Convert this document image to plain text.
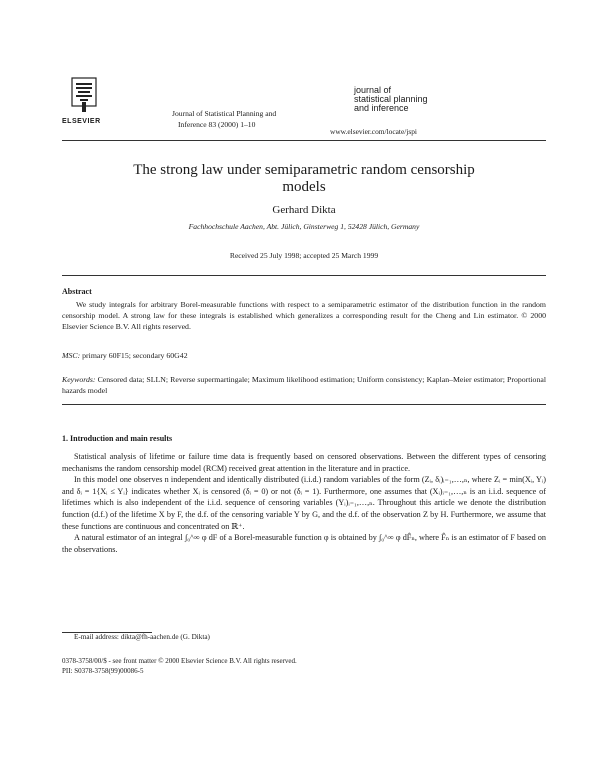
ELSEVIER
Journal of Statistical Planning and
Inference 83 (2000) 1–10
journal of
statistical planning
and inference
www.elsevier.com/locate/jspi
The strong law under semiparametric random censorship
models
Gerhard Dikta
Fachhochschule Aachen, Abt. Jülich, Ginsterweg 1, 52428 Jülich, Germany
Received 25 July 1998; accepted 25 March 1999
Abstract

We study integrals for arbitrary Borel-measurable functions with respect to a semiparametric estimator of the distribution function in the random censorship model. A strong law for these integrals is established which generalizes a corresponding result for the Cheng and Lin estimator. © 2000 Elsevier Science B.V. All rights reserved.

MSC: primary 60F15; secondary 60G42

Keywords: Censored data; SLLN; Reverse supermartingale; Maximum likelihood estimation; Uniform consistency; Kaplan–Meier estimator; Proportional hazards model

1. Introduction and main results

Statistical analysis of lifetime or failure time data is frequently based on censored observations. Between the different types of censoring mechanisms the random censorship model (RCM) received great attention in the literature and in practice.

In this model one observes n independent and identically distributed (i.i.d.) random variables of the form (Zᵢ, δᵢ)ᵢ₌₁,…,ₙ, where Zᵢ = min(Xᵢ, Yᵢ) and δᵢ = 1{Xᵢ ≤ Yᵢ} indicates whether Xᵢ is censored (δᵢ = 0) or not (δᵢ = 1). Furthermore, one assumes that (Xᵢ)ᵢ₌₁,…,ₙ is an i.i.d. sequence of lifetimes which is also independent of the i.i.d. sequence of censoring variables (Yᵢ)ᵢ₌₁,…,ₙ. Throughout this article we denote the distribution function (d.f.) of the lifetime X by F, the d.f. of the censoring variable Y by G, and the d.f. of the observation Z by H. Furthermore, we assume that these functions are continuous and concentrated on ℝ⁺.

A natural estimator of an integral ∫₀^∞ φ dF of a Borel-measurable function φ is obtained by ∫₀^∞ φ dF̂ₙ, where F̂ₙ is an estimator of F based on the observations.

E-mail address: dikta@fh-aachen.de (G. Dikta)
0378-3758/00/$ - see front matter © 2000 Elsevier Science B.V. All rights reserved.
PII: S0378-3758(99)00086-5
